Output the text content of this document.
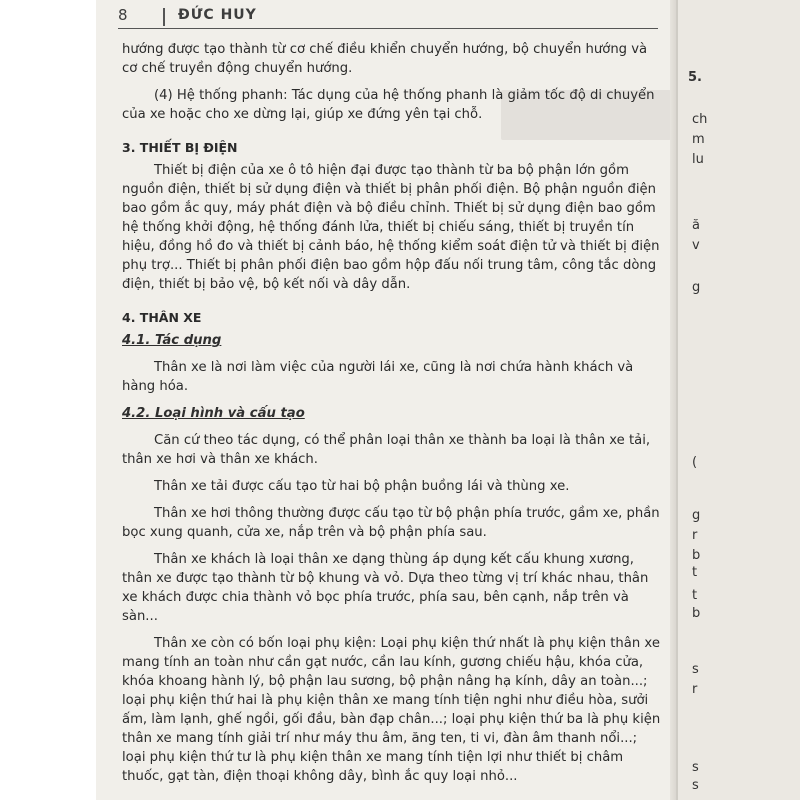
8	ĐỨC HUY

hướng được tạo thành từ cơ chế điều khiển chuyển hướng, bộ chuyển hướng và cơ chế truyền động chuyển hướng.

(4) Hệ thống phanh: Tác dụng của hệ thống phanh là giảm tốc độ di chuyển của xe hoặc cho xe dừng lại, giúp xe đứng yên tại chỗ.

3. THIẾT BỊ ĐIỆN

Thiết bị điện của xe ô tô hiện đại được tạo thành từ ba bộ phận lớn gồm nguồn điện, thiết bị sử dụng điện và thiết bị phân phối điện. Bộ phận nguồn điện bao gồm ắc quy, máy phát điện và bộ điều chỉnh. Thiết bị sử dụng điện bao gồm hệ thống khởi động, hệ thống đánh lửa, thiết bị chiếu sáng, thiết bị truyền tín hiệu, đồng hồ đo và thiết bị cảnh báo, hệ thống kiểm soát điện tử và thiết bị điện phụ trợ... Thiết bị phân phối điện bao gồm hộp đấu nối trung tâm, công tắc dòng điện, thiết bị bảo vệ, bộ kết nối và dây dẫn.

4. THÂN XE

4.1. Tác dụng

Thân xe là nơi làm việc của người lái xe, cũng là nơi chứa hành khách và hàng hóa.

4.2. Loại hình và cấu tạo

Căn cứ theo tác dụng, có thể phân loại thân xe thành ba loại là thân xe tải, thân xe hơi và thân xe khách.

Thân xe tải được cấu tạo từ hai bộ phận buồng lái và thùng xe.

Thân xe hơi thông thường được cấu tạo từ bộ phận phía trước, gầm xe, phần bọc xung quanh, cửa xe, nắp trên và bộ phận phía sau.

Thân xe khách là loại thân xe dạng thùng áp dụng kết cấu khung xương, thân xe được tạo thành từ bộ khung và vỏ. Dựa theo từng vị trí khác nhau, thân xe khách được chia thành vỏ bọc phía trước, phía sau, bên cạnh, nắp trên và sàn...

Thân xe còn có bốn loại phụ kiện: Loại phụ kiện thứ nhất là phụ kiện thân xe mang tính an toàn như cần gạt nước, cần lau kính, gương chiếu hậu, khóa cửa, khóa khoang hành lý, bộ phận lau sương, bộ phận nâng hạ kính, dây an toàn...; loại phụ kiện thứ hai là phụ kiện thân xe mang tính tiện nghi như điều hòa, sưởi ấm, làm lạnh, ghế ngồi, gối đầu, bàn đạp chân...; loại phụ kiện thứ ba là phụ kiện thân xe mang tính giải trí như máy thu âm, ăng ten, ti vi, đàn âm thanh nổi...; loại phụ kiện thứ tư là phụ kiện thân xe mang tính tiện lợi như thiết bị châm thuốc, gạt tàn, điện thoại không dây, bình ắc quy loại nhỏ...

5.
ch
m
lu
ă
v
g
(
g
r
b
t
t
b
s
r
s
s
